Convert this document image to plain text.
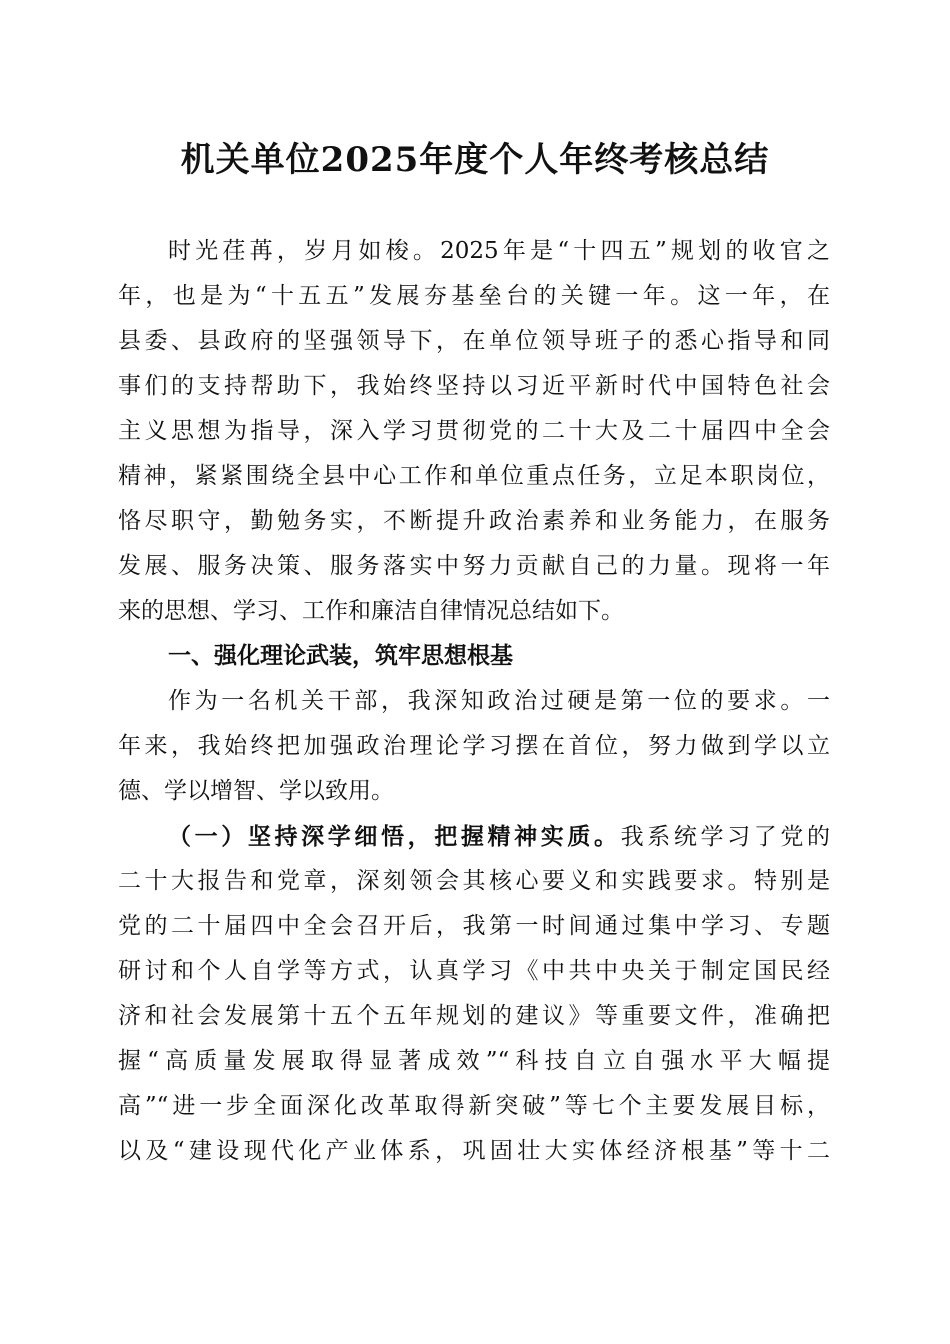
机关单位2025年度个人年终考核总结
时光荏苒，岁月如梭。2025年是“十四五”规划的收官之
年，也是为“十五五”发展夯基垒台的关键一年。这一年，在
县委、县政府的坚强领导下，在单位领导班子的悉心指导和同
事们的支持帮助下，我始终坚持以习近平新时代中国特色社会
主义思想为指导，深入学习贯彻党的二十大及二十届四中全会
精神，紧紧围绕全县中心工作和单位重点任务，立足本职岗位，
恪尽职守，勤勉务实，不断提升政治素养和业务能力，在服务
发展、服务决策、服务落实中努力贡献自己的力量。现将一年
来的思想、学习、工作和廉洁自律情况总结如下。
一、强化理论武装，筑牢思想根基
作为一名机关干部，我深知政治过硬是第一位的要求。一
年来，我始终把加强政治理论学习摆在首位，努力做到学以立
德、学以增智、学以致用。
（一）坚持深学细悟，把握精神实质。我系统学习了党的
二十大报告和党章，深刻领会其核心要义和实践要求。特别是
党的二十届四中全会召开后，我第一时间通过集中学习、专题
研讨和个人自学等方式，认真学习《中共中央关于制定国民经
济和社会发展第十五个五年规划的建议》等重要文件，准确把
握“高质量发展取得显著成效”“科技自立自强水平大幅提
高”“进一步全面深化改革取得新突破”等七个主要发展目标，
以及“建设现代化产业体系，巩固壮大实体经济根基”等十二
